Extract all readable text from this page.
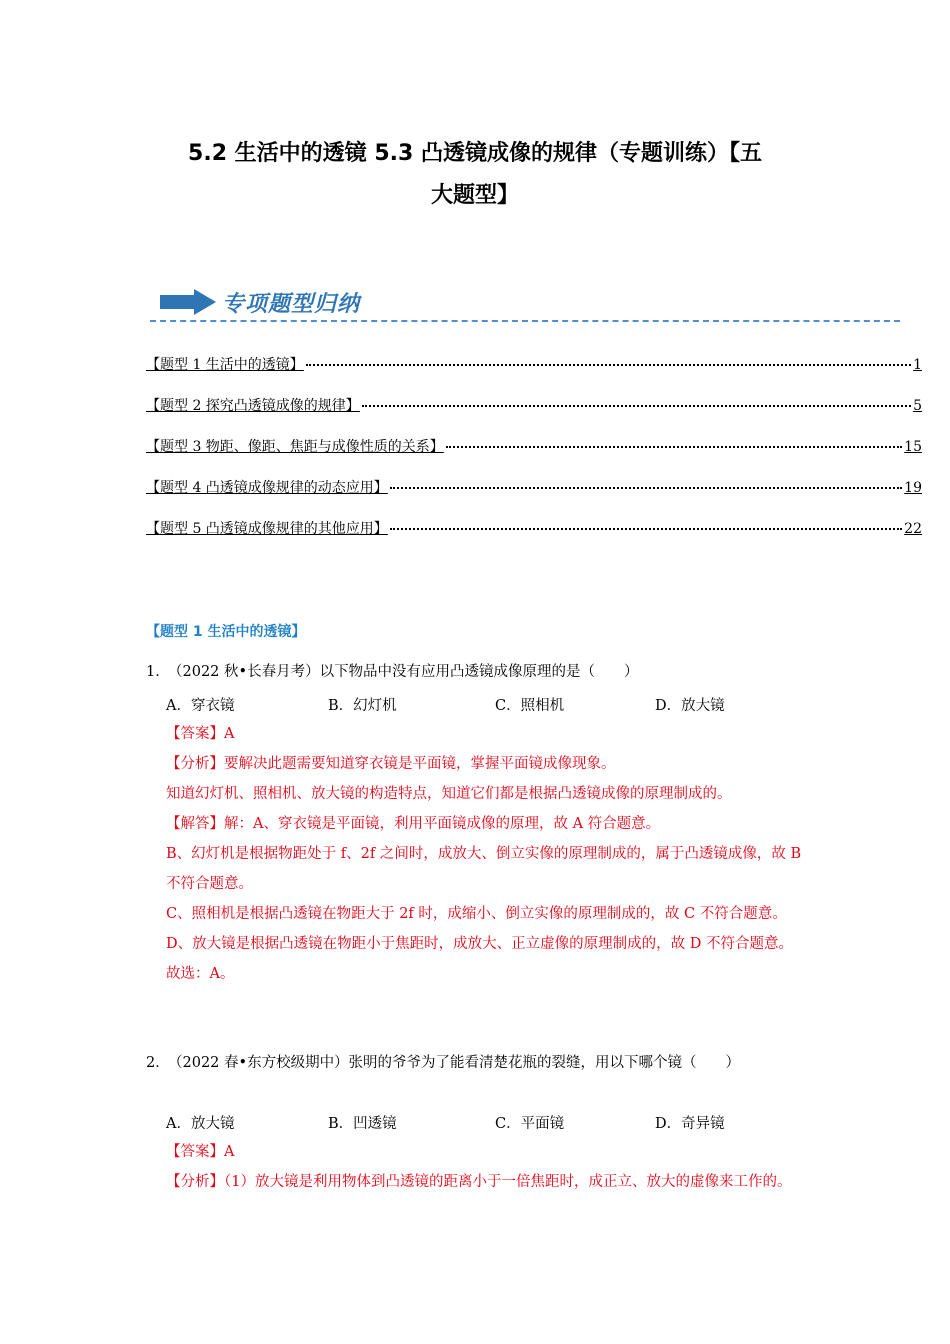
5.2 生活中的透镜 5.3 凸透镜成像的规律（专题训练）【五
大题型】
专项题型归纳
【题型 1 生活中的透镜】	1
【题型 2 探究凸透镜成像的规律】	5
【题型 3 物距、像距、焦距与成像性质的关系】	15
【题型 4 凸透镜成像规律的动态应用】	19
【题型 5 凸透镜成像规律的其他应用】	22
【题型 1 生活中的透镜】
1．（2022 秋•长春月考）以下物品中没有应用凸透镜成像原理的是（　　）
A．穿衣镜	B．幻灯机	C．照相机	D．放大镜

【答案】A

【分析】要解决此题需要知道穿衣镜是平面镜，掌握平面镜成像现象。

知道幻灯机、照相机、放大镜的构造特点，知道它们都是根据凸透镜成像的原理制成的。

【解答】解：A、穿衣镜是平面镜，利用平面镜成像的原理，故 A 符合题意。

B、幻灯机是根据物距处于 f、2f 之间时，成放大、倒立实像的原理制成的，属于凸透镜成像，故 B 不符合题意。

C、照相机是根据凸透镜在物距大于 2f 时，成缩小、倒立实像的原理制成的，故 C 不符合题意。

D、放大镜是根据凸透镜在物距小于焦距时，成放大、正立虚像的原理制成的，故 D 不符合题意。

故选：A。

2．（2022 春•东方校级期中）张明的爷爷为了能看清楚花瓶的裂缝，用以下哪个镜（　　）
A．放大镜	B．凹透镜	C．平面镜	D．奇异镜

【答案】A

【分析】（1）放大镜是利用物体到凸透镜的距离小于一倍焦距时，成正立、放大的虚像来工作的。
